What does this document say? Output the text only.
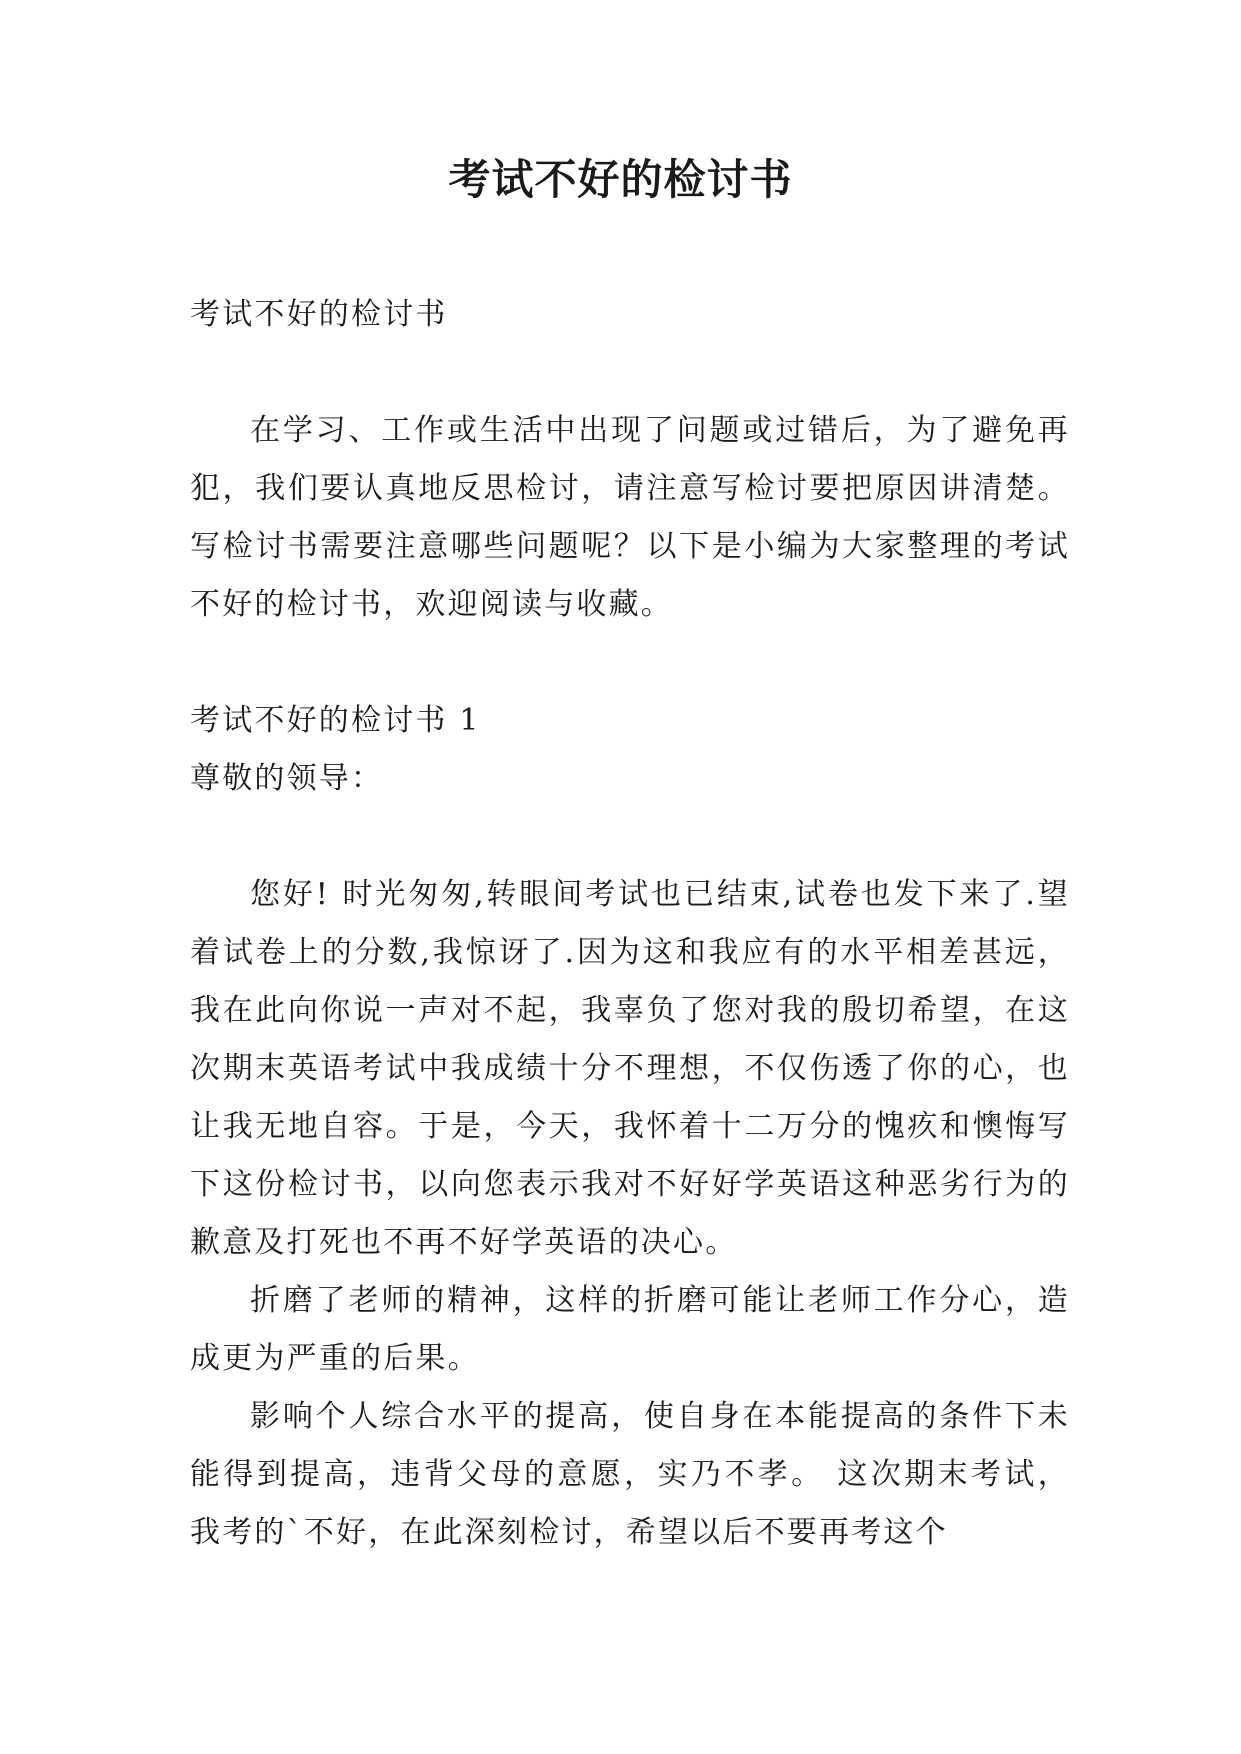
考试不好的检讨书

考试不好的检讨书

在学习、工作或生活中出现了问题或过错后，为了避免再犯，我们要认真地反思检讨，请注意写检讨要把原因讲清楚。写检讨书需要注意哪些问题呢？以下是小编为大家整理的考试不好的检讨书，欢迎阅读与收藏。

考试不好的检讨书 1

尊敬的领导：

您好! 时光匆匆,转眼间考试也已结束,试卷也发下来了.望着试卷上的分数,我惊讶了.因为这和我应有的水平相差甚远， 我在此向你说一声对不起，我辜负了您对我的殷切希望，在这次期末英语考试中我成绩十分不理想，不仅伤透了你的心，也让我无地自容。于是，今天，我怀着十二万分的愧疚和懊悔写下这份检讨书，以向您表示我对不好好学英语这种恶劣行为的歉意及打死也不再不好学英语的决心。

折磨了老师的精神，这样的折磨可能让老师工作分心，造成更为严重的后果。

影响个人综合水平的提高，使自身在本能提高的条件下未能得到提高，违背父母的意愿，实乃不孝。 这次期末考试，我考的`不好，在此深刻检讨，希望以后不要再考这个
